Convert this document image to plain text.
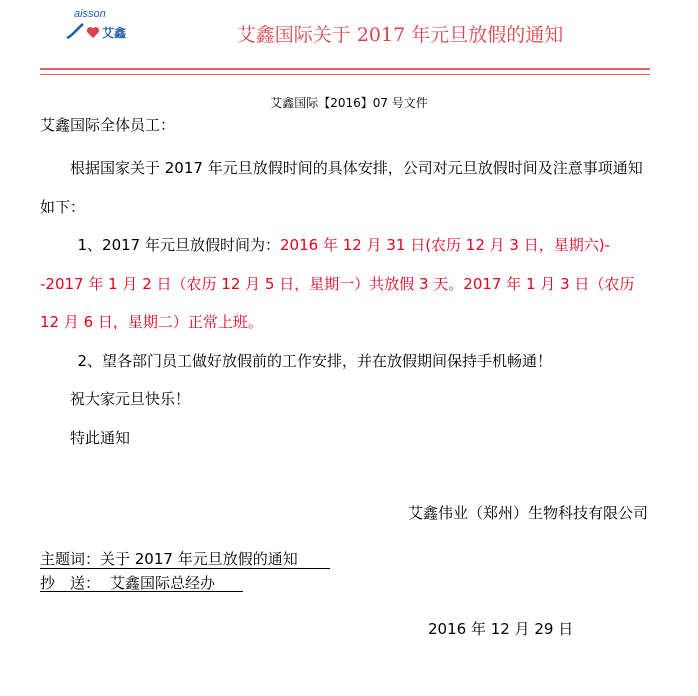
aisson
艾鑫	艾鑫国际关于 2017 年元旦放假的通知
艾鑫国际【2016】07 号文件
艾鑫国际全体员工：

根据国家关于 2017 年元旦放假时间的具体安排，公司对元旦放假时间及注意事项通知如下：

1、2017 年元旦放假时间为：2016 年 12 月 31 日(农历 12 月 3 日，星期六)--2017 年 1 月 2 日（农历 12 月 5 日，星期一）共放假 3 天。2017 年 1 月 3 日（农历 12 月 6 日，星期二）正常上班。

2、望各部门员工做好放假前的工作安排，并在放假期间保持手机畅通！

祝大家元旦快乐！

特此通知

艾鑫伟业（郑州）生物科技有限公司
主题词：关于 2017 年元旦放假的通知
抄　送： 艾鑫国际总经办
2016 年 12 月 29 日
